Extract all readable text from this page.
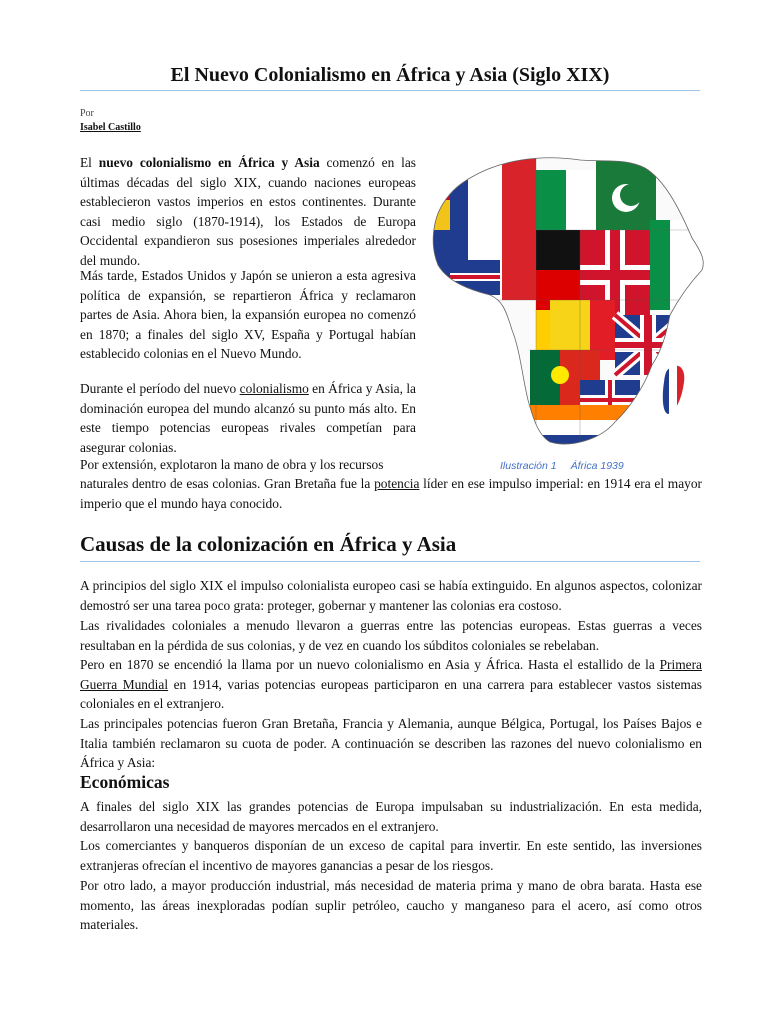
El Nuevo Colonialismo en África y Asia (Siglo XIX)
Por
Isabel Castillo

El nuevo colonialismo en África y Asia comenzó en las últimas décadas del siglo XIX, cuando naciones europeas establecieron vastos imperios en estos continentes. Durante casi medio siglo (1870-1914), los Estados de Europa Occidental expandieron sus posesiones imperiales alrededor del mundo.

Más tarde, Estados Unidos y Japón se unieron a esta agresiva política de expansión, se repartieron África y reclamaron partes de Asia. Ahora bien, la expansión europea no comenzó en 1870; a finales del siglo XV, España y Portugal habían establecido colonias en el Nuevo Mundo.

Durante el período del nuevo colonialismo en África y Asia, la dominación europea del mundo alcanzó su punto más alto. En este tiempo potencias europeas rivales competían para asegurar colonias.

Por extensión, explotaron la mano de obra y los recursos

naturales dentro de esas colonias. Gran Bretaña fue la potencia líder en ese impulso imperial: en 1914 era el mayor imperio que el mundo haya conocido.

Ilustración 1 África 1939
Causas de la colonización en África y Asia

A principios del siglo XIX el impulso colonialista europeo casi se había extinguido. En algunos aspectos, colonizar demostró ser una tarea poco grata: proteger, gobernar y mantener las colonias era costoso.

Las rivalidades coloniales a menudo llevaron a guerras entre las potencias europeas. Estas guerras a veces resultaban en la pérdida de sus colonias, y de vez en cuando los súbditos coloniales se rebelaban.

Pero en 1870 se encendió la llama por un nuevo colonialismo en Asia y África. Hasta el estallido de la Primera Guerra Mundial en 1914, varias potencias europeas participaron en una carrera para establecer vastos sistemas coloniales en el extranjero.

Las principales potencias fueron Gran Bretaña, Francia y Alemania, aunque Bélgica, Portugal, los Países Bajos e Italia también reclamaron su cuota de poder. A continuación se describen las razones del nuevo colonialismo en África y Asia:

Económicas

A finales del siglo XIX las grandes potencias de Europa impulsaban su industrialización. En esta medida, desarrollaron una necesidad de mayores mercados en el extranjero.

Los comerciantes y banqueros disponían de un exceso de capital para invertir. En este sentido, las inversiones extranjeras ofrecían el incentivo de mayores ganancias a pesar de los riesgos.

Por otro lado, a mayor producción industrial, más necesidad de materia prima y mano de obra barata. Hasta ese momento, las áreas inexploradas podían suplir petróleo, caucho y manganeso para el acero, así como otros materiales.
